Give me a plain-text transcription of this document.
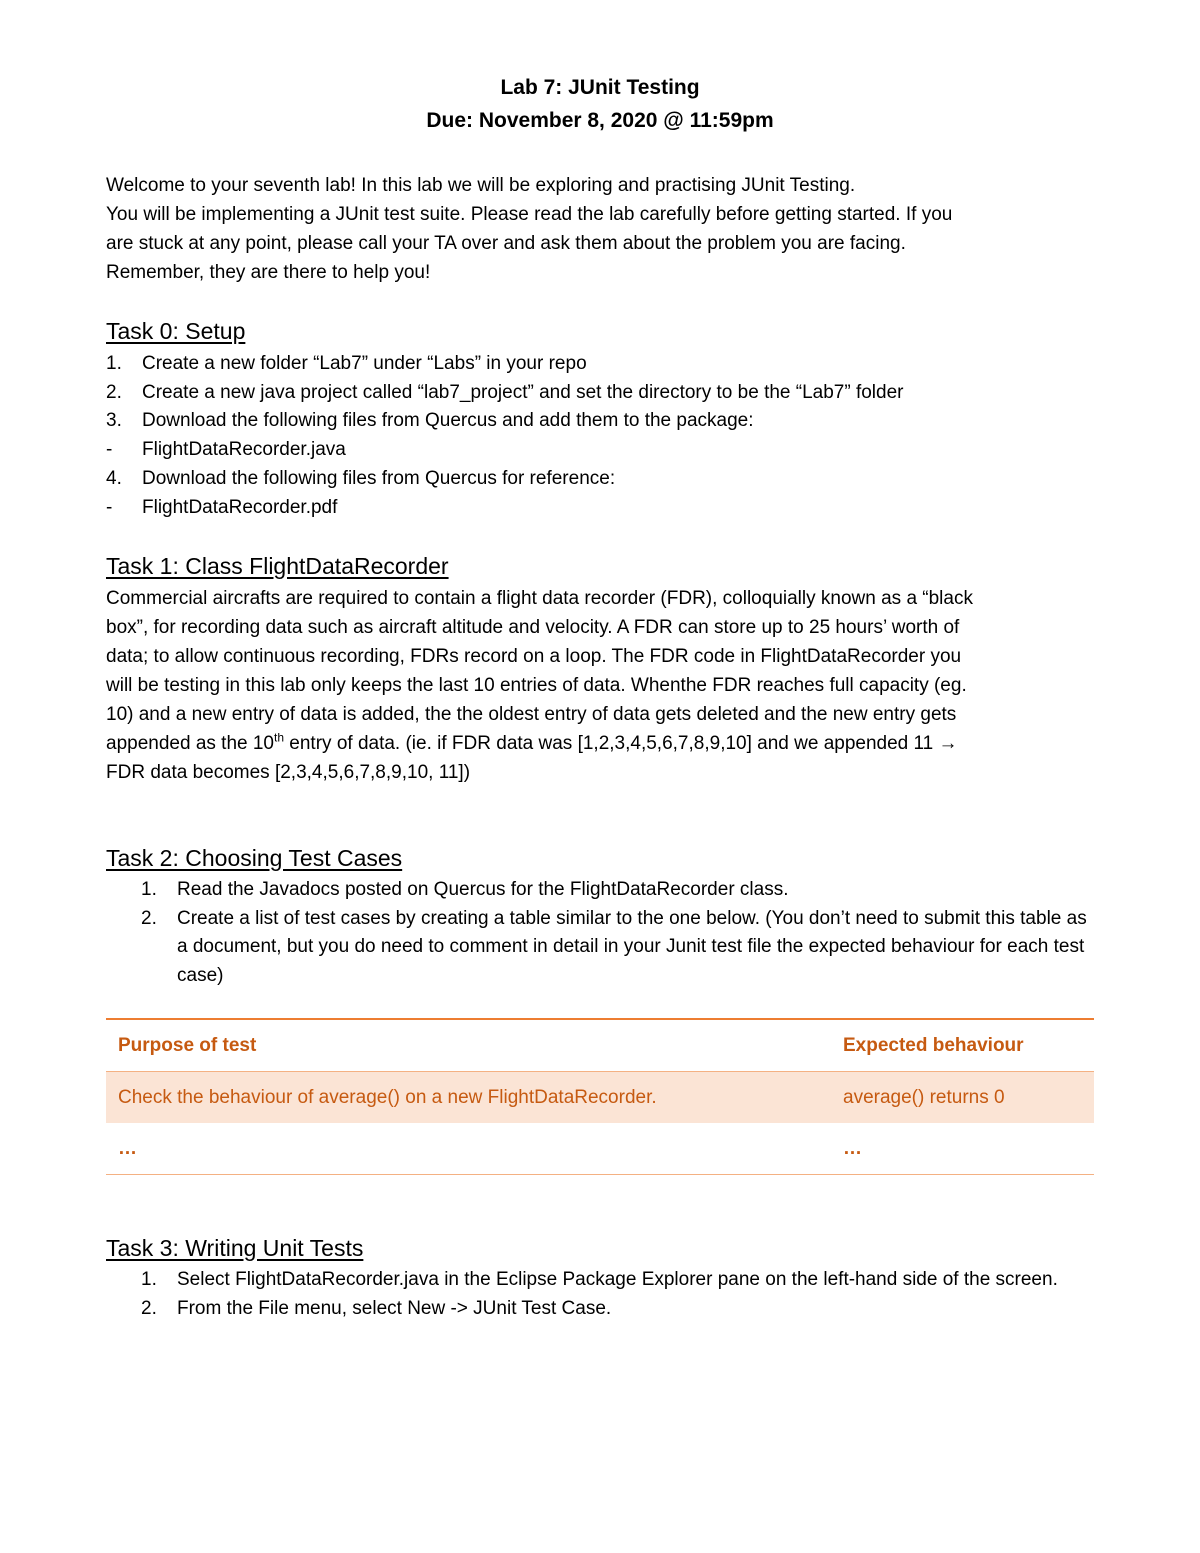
Lab 7: JUnit Testing
Due: November 8, 2020 @ 11:59pm
Welcome to your seventh lab! In this lab we will be exploring and practising JUnit Testing.
You will be implementing a JUnit test suite. Please read the lab carefully before getting started. If you
are stuck at any point, please call your TA over and ask them about the problem you are facing.
Remember, they are there to help you!
Task 0: Setup
1. Create a new folder “Lab7” under “Labs” in your repo
2. Create a new java project called “lab7_project” and set the directory to be the “Lab7” folder
3. Download the following files from Quercus and add them to the package:
- FlightDataRecorder.java
4. Download the following files from Quercus for reference:
- FlightDataRecorder.pdf
Task 1: Class FlightDataRecorder
Commercial aircrafts are required to contain a flight data recorder (FDR), colloquially known as a “black
box”, for recording data such as aircraft altitude and velocity. A FDR can store up to 25 hours’ worth of
data; to allow continuous recording, FDRs record on a loop. The FDR code in FlightDataRecorder you
will be testing in this lab only keeps the last 10 entries of data. Whenthe FDR reaches full capacity (eg.
10) and a new entry of data is added, the the oldest entry of data gets deleted and the new entry gets
appended as the 10th entry of data. (ie. if FDR data was [1,2,3,4,5,6,7,8,9,10] and we appended 11 →
FDR data becomes [2,3,4,5,6,7,8,9,10, 11])
Task 2: Choosing Test Cases
1. Read the Javadocs posted on Quercus for the FlightDataRecorder class.
2. Create a list of test cases by creating a table similar to the one below. (You don’t need to submit this table as a document, but you do need to comment in detail in your Junit test file the expected behaviour for each test case)
Purpose of test	Expected behaviour
Check the behaviour of average() on a new FlightDataRecorder.	average() returns 0
…	…
Task 3: Writing Unit Tests
1. Select FlightDataRecorder.java in the Eclipse Package Explorer pane on the left-hand side of the screen.
2. From the File menu, select New -> JUnit Test Case.
